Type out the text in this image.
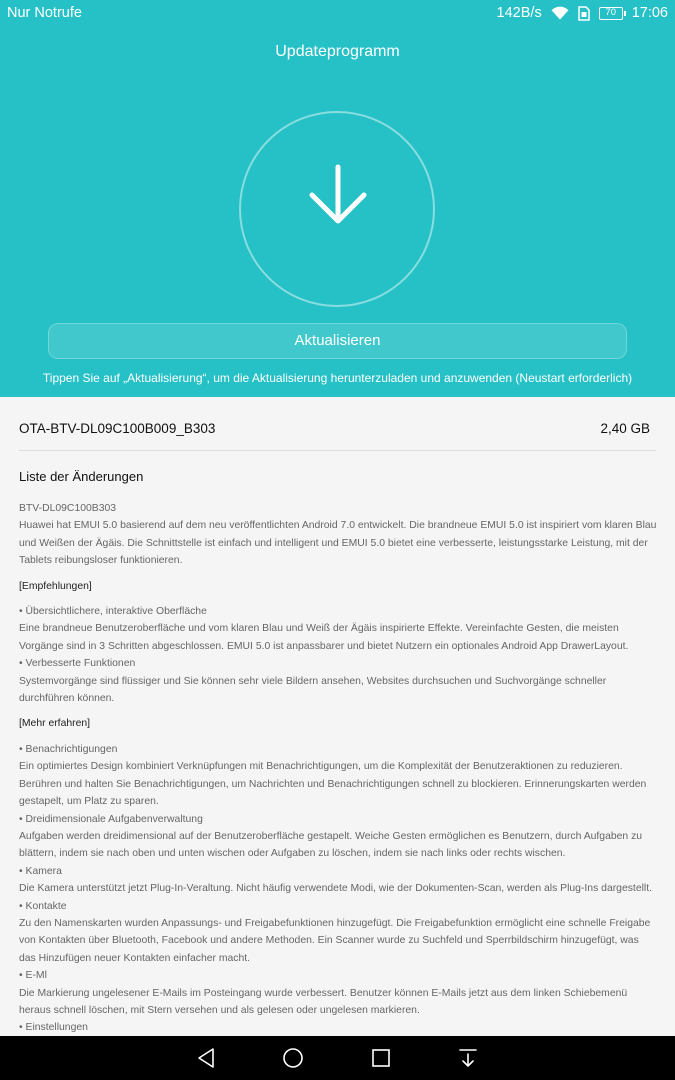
Nur Notrufe	142B/s	70	17:06
Updateprogramm
Aktualisieren
Tippen Sie auf „Aktualisierung“, um die Aktualisierung herunterzuladen und anzuwenden (Neustart erforderlich)
OTA-BTV-DL09C100B009_B303	2,40 GB
Liste der Änderungen

BTV-DL09C100B303

Huawei hat EMUI 5.0 basierend auf dem neu veröffentlichten Android 7.0 entwickelt. Die brandneue EMUI 5.0 ist inspiriert vom klaren Blau und Weißen der Ägäis. Die Schnittstelle ist einfach und intelligent und EMUI 5.0 bietet eine verbesserte, leistungsstarke Leistung, mit der Tablets reibungsloser funktionieren.

[Empfehlungen]

• Übersichtlichere, interaktive Oberfläche

Eine brandneue Benutzeroberfläche und vom klaren Blau und Weiß der Ägäis inspirierte Effekte. Vereinfachte Gesten, die meisten Vorgänge sind in 3 Schritten abgeschlossen. EMUI 5.0 ist anpassbarer und bietet Nutzern ein optionales Android App DrawerLayout.

• Verbesserte Funktionen

Systemvorgänge sind flüssiger und Sie können sehr viele Bildern ansehen, Websites durchsuchen und Suchvorgänge schneller durchführen können.

[Mehr erfahren]

• Benachrichtigungen

Ein optimiertes Design kombiniert Verknüpfungen mit Benachrichtigungen, um die Komplexität der Benutzeraktionen zu reduzieren. Berühren und halten Sie Benachrichtigungen, um Nachrichten und Benachrichtigungen schnell zu blockieren. Erinnerungskarten werden gestapelt, um Platz zu sparen.

• Dreidimensionale Aufgabenverwaltung

Aufgaben werden dreidimensional auf der Benutzeroberfläche gestapelt. Weiche Gesten ermöglichen es Benutzern, durch Aufgaben zu blättern, indem sie nach oben und unten wischen oder Aufgaben zu löschen, indem sie nach links oder rechts wischen.

• Kamera

Die Kamera unterstützt jetzt Plug-In-Veraltung. Nicht häufig verwendete Modi, wie der Dokumenten-Scan, werden als Plug-Ins dargestellt.

• Kontakte

Zu den Namenskarten wurden Anpassungs- und Freigabefunktionen hinzugefügt. Die Freigabefunktion ermöglicht eine schnelle Freigabe von Kontakten über Bluetooth, Facebook und andere Methoden. Ein Scanner wurde zu Suchfeld und Sperrbildschirm hinzugefügt, was das Hinzufügen neuer Kontakten einfacher macht.

• E-Ml

Die Markierung ungelesener E-Mails im Posteingang wurde verbessert. Benutzer können E-Mails jetzt aus dem linken Schiebemenü heraus schnell löschen, mit Stern versehen und als gelesen oder ungelesen markieren.

• Einstellungen
